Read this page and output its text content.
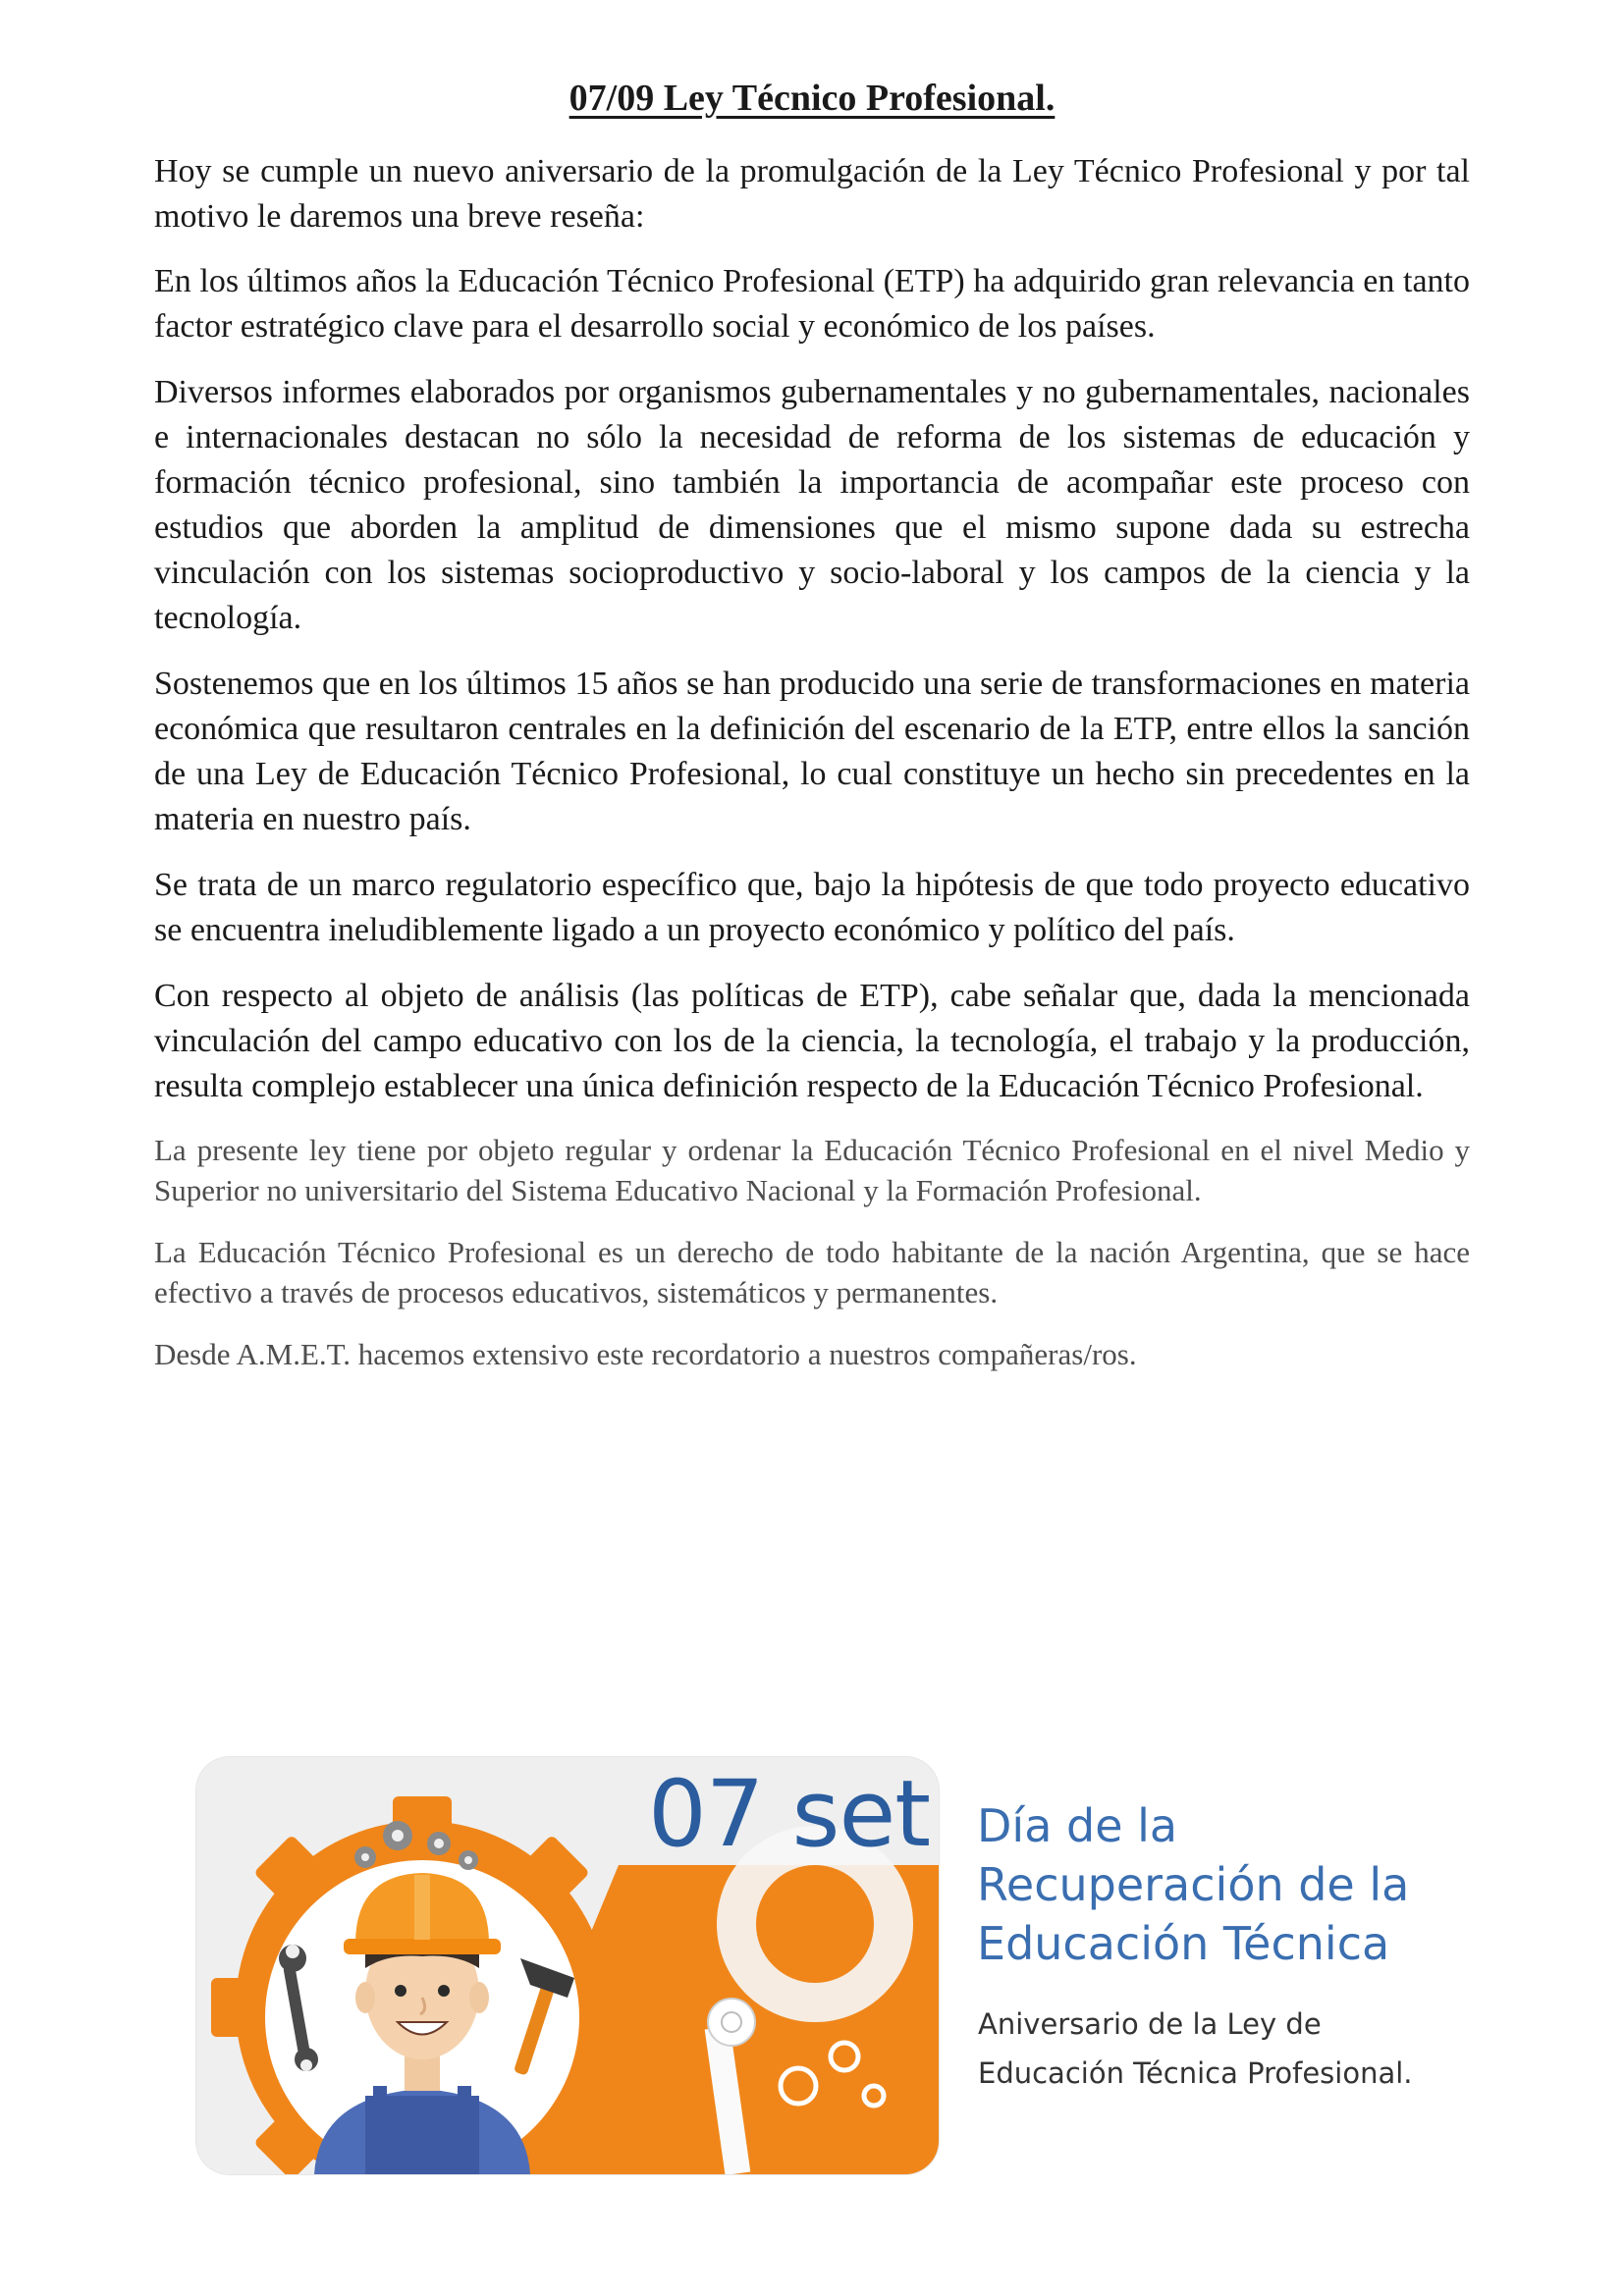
07/09 Ley Técnico Profesional.

Hoy se cumple un nuevo aniversario de la promulgación de la Ley Técnico Profesional y por tal motivo le daremos una breve reseña:

En los últimos años la Educación Técnico Profesional (ETP) ha adquirido gran relevancia en tanto factor estratégico clave para el desarrollo social y económico de los países.

Diversos informes elaborados por organismos gubernamentales y no gubernamentales, nacionales e internacionales destacan no sólo la necesidad de reforma de los sistemas de educación y formación técnico profesional, sino también la importancia de acompañar este proceso con estudios que aborden la amplitud de dimensiones que el mismo supone dada su estrecha vinculación con los sistemas socioproductivo y socio-laboral y los campos de la ciencia y la tecnología.

Sostenemos que en los últimos 15 años se han producido una serie de transformaciones en materia económica que resultaron centrales en la definición del escenario de la ETP, entre ellos la sanción de una Ley de Educación Técnico Profesional, lo cual constituye un hecho sin precedentes en la materia en nuestro país.

Se trata de un marco regulatorio específico que, bajo la hipótesis de que todo proyecto educativo se encuentra ineludiblemente ligado a un proyecto económico y político del país.

Con respecto al objeto de análisis (las políticas de ETP), cabe señalar que, dada la mencionada vinculación del campo educativo con los de la ciencia, la tecnología, el trabajo y la producción, resulta complejo establecer una única definición respecto de la Educación Técnico Profesional.

La presente ley tiene por objeto regular y ordenar la Educación Técnico Profesional en el nivel Medio y Superior no universitario del Sistema Educativo Nacional y la Formación Profesional.

La Educación Técnico Profesional es un derecho de todo habitante de la nación Argentina, que se hace efectivo a través de procesos educativos, sistemáticos y permanentes.

Desde A.M.E.T. hacemos extensivo este recordatorio a nuestros compañeras/ros.

07 set Día de la
Recuperación de la
Educación Técnica
Aniversario de la Ley de
Educación Técnica Profesional.
